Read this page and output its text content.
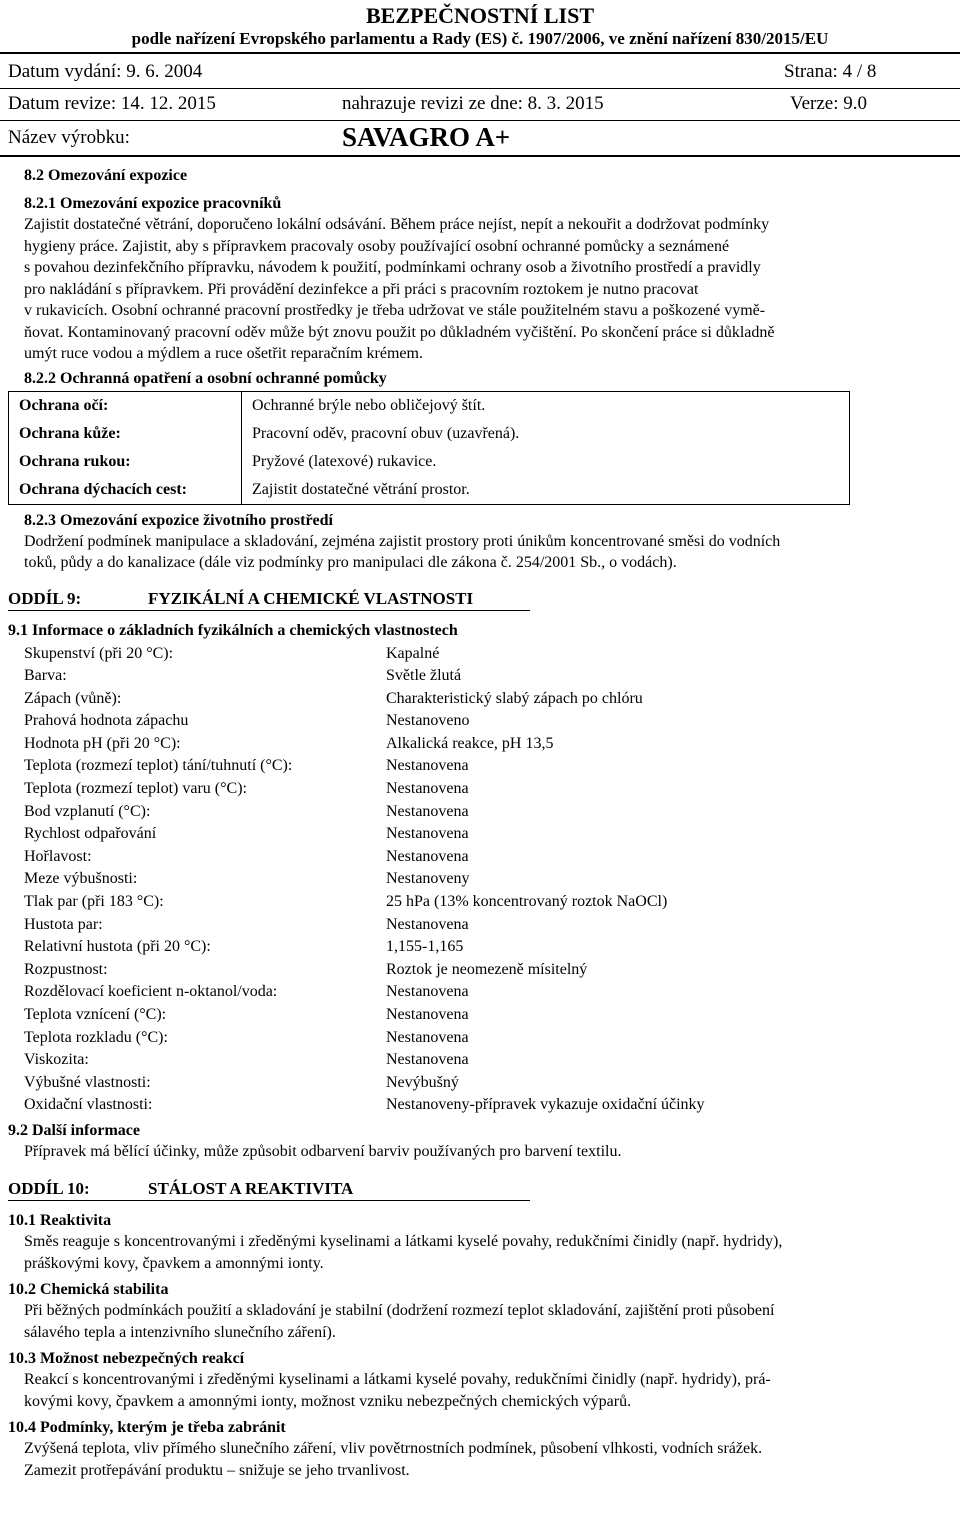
BEZPEČNOSTNÍ LIST
podle nařízení Evropského parlamentu a Rady (ES) č. 1907/2006, ve znění nařízení 830/2015/EU
Datum vydání: 9. 6. 2004	Strana: 4 / 8
Datum revize: 14. 12. 2015	nahrazuje revizi ze dne: 8. 3. 2015	Verze: 9.0
Název výrobku:	SAVAGRO A+
8.2 Omezování expozice
8.2.1 Omezování expozice pracovníků
Zajistit dostatečné větrání, doporučeno lokální odsávání. Během práce nejíst, nepít a nekouřit a dodržovat podmínky
hygieny práce. Zajistit, aby s přípravkem pracovaly osoby používající osobní ochranné pomůcky a seznámené
s povahou dezinfekčního přípravku, návodem k použití, podmínkami ochrany osob a životního prostředí a pravidly
pro nakládání s přípravkem. Při provádění dezinfekce a při práci s pracovním roztokem je nutno pracovat
v rukavicích. Osobní ochranné pracovní prostředky je třeba udržovat ve stále použitelném stavu a poškozené vymě-
ňovat. Kontaminovaný pracovní oděv může být znovu použit po důkladném vyčištění. Po skončení práce si důkladně
umýt ruce vodou a mýdlem a ruce ošetřit reparačním krémem.
8.2.2 Ochranná opatření a osobní ochranné pomůcky
Ochrana očí:	Ochranné brýle nebo obličejový štít.
Ochrana kůže:	Pracovní oděv, pracovní obuv (uzavřená).
Ochrana rukou:	Pryžové (latexové) rukavice.
Ochrana dýchacích cest:	Zajistit dostatečné větrání prostor.
8.2.3 Omezování expozice životního prostředí
Dodržení podmínek manipulace a skladování, zejména zajistit prostory proti únikům koncentrované směsi do vodních
toků, půdy a do kanalizace (dále viz podmínky pro manipulaci dle zákona č. 254/2001 Sb., o vodách).
ODDÍL 9:	FYZIKÁLNÍ A CHEMICKÉ VLASTNOSTI
9.1 Informace o základních fyzikálních a chemických vlastnostech
Skupenství (při 20 °C):	Kapalné
Barva:	Světle žlutá
Zápach (vůně):	Charakteristický slabý zápach po chlóru
Prahová hodnota zápachu	Nestanoveno
Hodnota pH (při 20 °C):	Alkalická reakce, pH 13,5
Teplota (rozmezí teplot) tání/tuhnutí (°C):	Nestanovena
Teplota (rozmezí teplot) varu (°C):	Nestanovena
Bod vzplanutí (°C):	Nestanovena
Rychlost odpařování	Nestanovena
Hořlavost:	Nestanovena
Meze výbušnosti:	Nestanoveny
Tlak par (při 183 °C):	25 hPa (13% koncentrovaný roztok NaOCl)
Hustota par:	Nestanovena
Relativní hustota (při 20 °C):	1,155-1,165
Rozpustnost:	Roztok je neomezeně mísitelný
Rozdělovací koeficient n-oktanol/voda:	Nestanovena
Teplota vznícení (°C):	Nestanovena
Teplota rozkladu (°C):	Nestanovena
Viskozita:	Nestanovena
Výbušné vlastnosti:	Nevýbušný
Oxidační vlastnosti:	Nestanoveny-přípravek vykazuje oxidační účinky
9.2 Další informace
Přípravek má bělící účinky, může způsobit odbarvení barviv používaných pro barvení textilu.
ODDÍL 10:	STÁLOST A REAKTIVITA
10.1 Reaktivita
Směs reaguje s koncentrovanými i zředěnými kyselinami a látkami kyselé povahy, redukčními činidly (např. hydridy),
práškovými kovy, čpavkem a amonnými ionty.
10.2 Chemická stabilita
Při běžných podmínkách použití a skladování je stabilní (dodržení rozmezí teplot skladování, zajištění proti působení
sálavého tepla a intenzivního slunečního záření).
10.3 Možnost nebezpečných reakcí
Reakcí s koncentrovanými i zředěnými kyselinami a látkami kyselé povahy, redukčními činidly (např. hydridy), prá-
kovými kovy, čpavkem a amonnými ionty, možnost vzniku nebezpečných chemických výparů.
10.4 Podmínky, kterým je třeba zabránit
Zvýšená teplota, vliv přímého slunečního záření, vliv povětrnostních podmínek, působení vlhkosti, vodních srážek.
Zamezit protřepávání produktu – snižuje se jeho trvanlivost.
